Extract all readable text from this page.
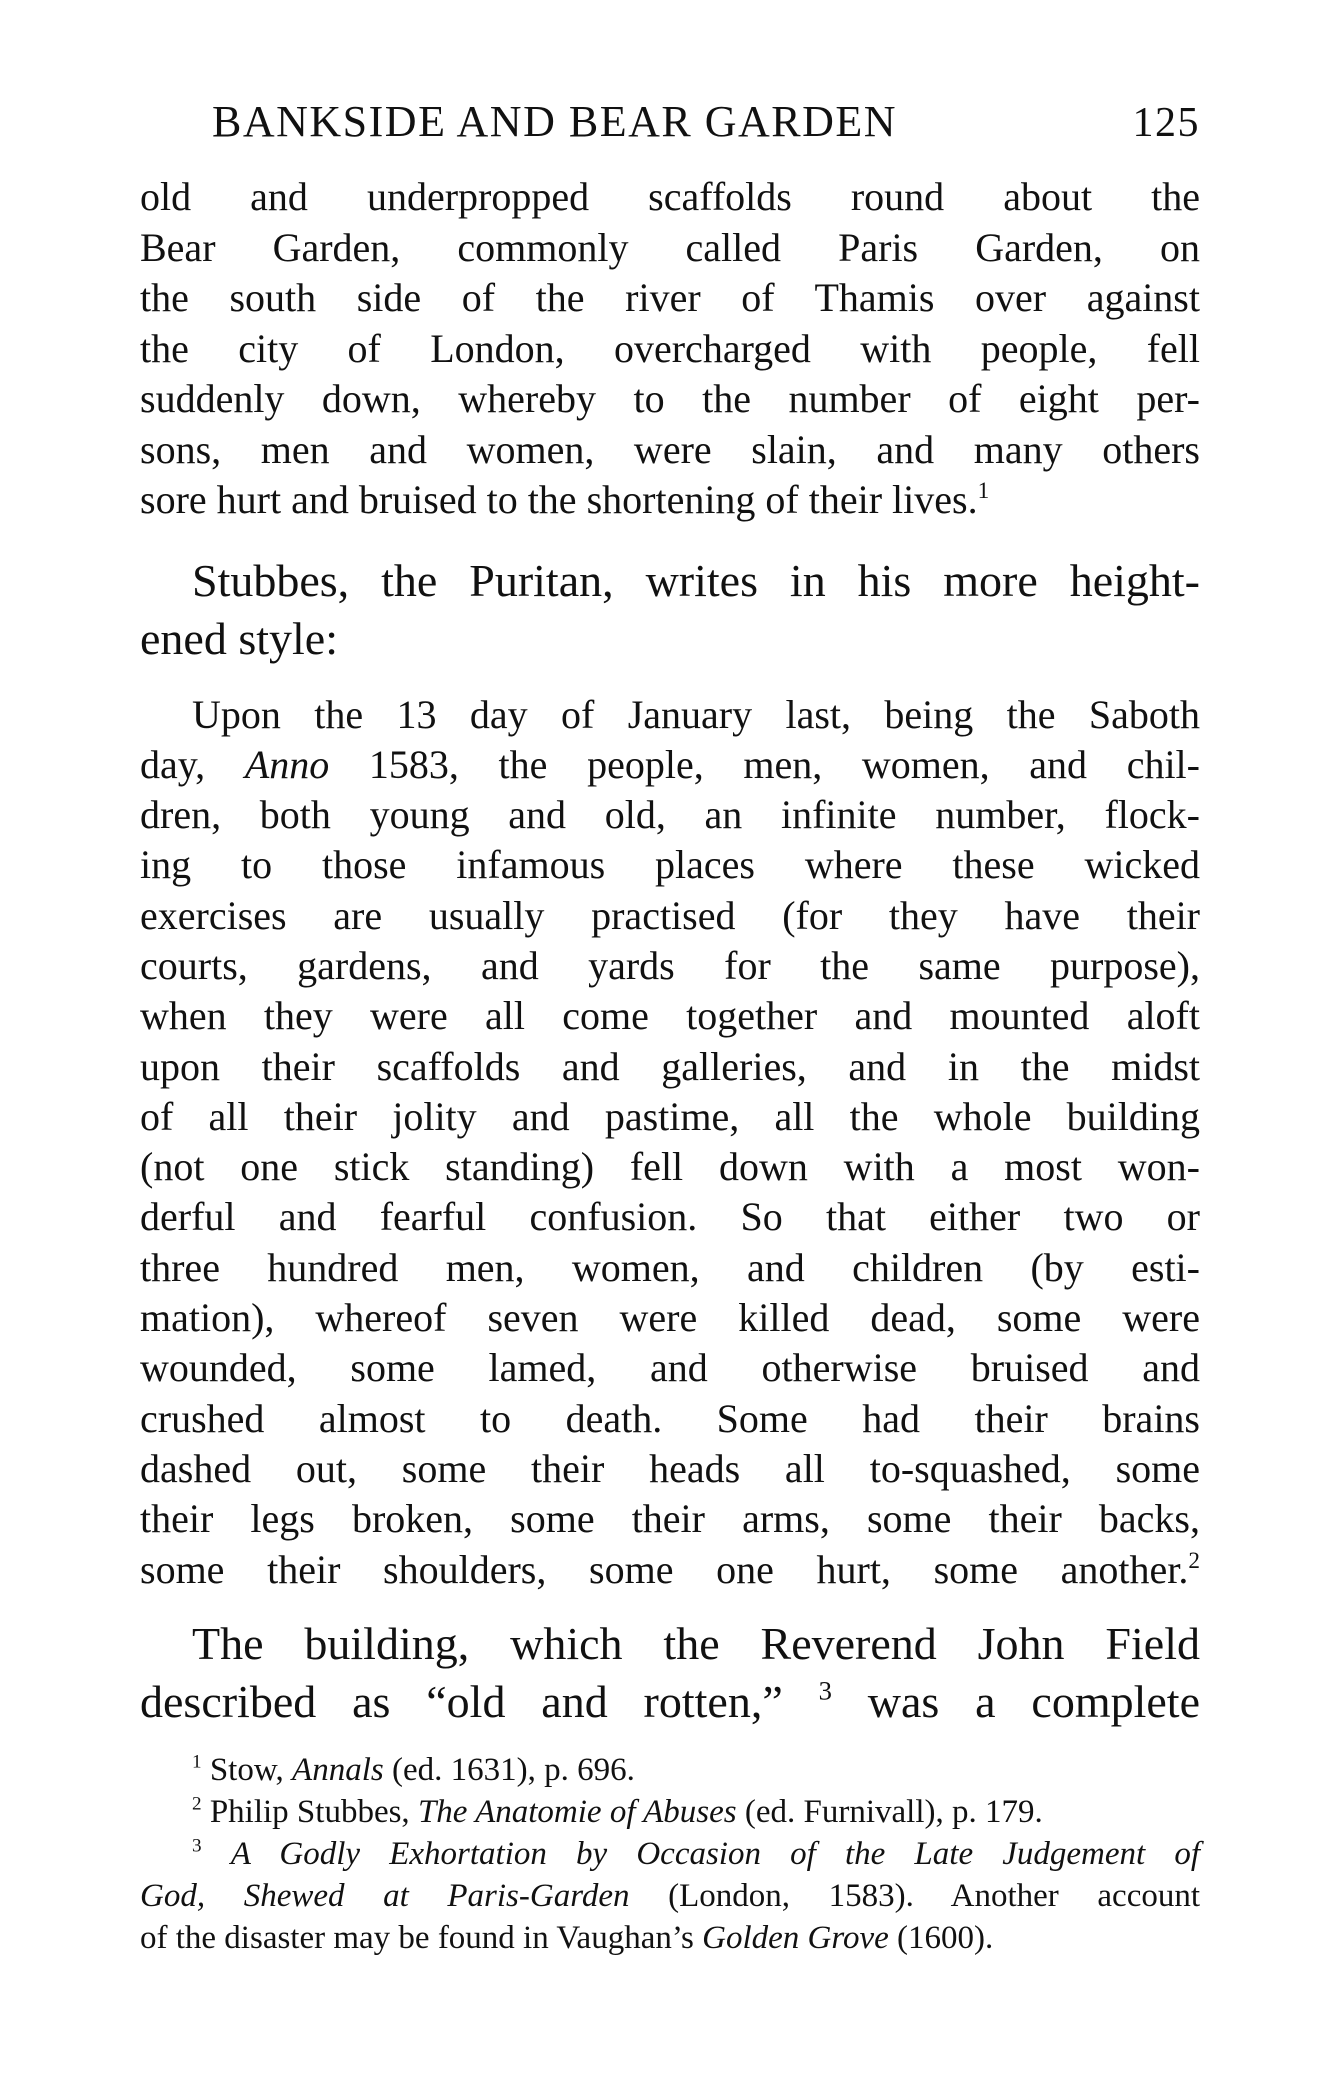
BANKSIDE AND BEAR GARDEN	125
old and underpropped scaffolds round about the
Bear Garden, commonly called Paris Garden, on
the south side of the river of Thamis over against
the city of London, overcharged with people, fell
suddenly down, whereby to the number of eight per-
sons, men and women, were slain, and many others
sore hurt and bruised to the shortening of their lives.$^1$
Stubbes, the Puritan, writes in his more height-
ened style:
Upon the 13 day of January last, being the Saboth
day, Anno 1583, the people, men, women, and chil-
dren, both young and old, an infinite number, flock-
ing to those infamous places where these wicked
exercises are usually practised (for they have their
courts, gardens, and yards for the same purpose),
when they were all come together and mounted aloft
upon their scaffolds and galleries, and in the midst
of all their jolity and pastime, all the whole building
(not one stick standing) fell down with a most won-
derful and fearful confusion. So that either two or
three hundred men, women, and children (by esti-
mation), whereof seven were killed dead, some were
wounded, some lamed, and otherwise bruised and
crushed almost to death. Some had their brains
dashed out, some their heads all to-squashed, some
their legs broken, some their arms, some their backs,
some their shoulders, some one hurt, some another.$^2$
The building, which the Reverend John Field
described as “old and rotten,” $^3$ was a complete
$^1$ Stow, Annals (ed. 1631), p. 696.
$^2$ Philip Stubbes, The Anatomie of Abuses (ed. Furnivall), p. 179.
$^3$ A Godly Exhortation by Occasion of the Late Judgement of
God, Shewed at Paris-Garden (London, 1583). Another account
of the disaster may be found in Vaughan’s Golden Grove (1600).
